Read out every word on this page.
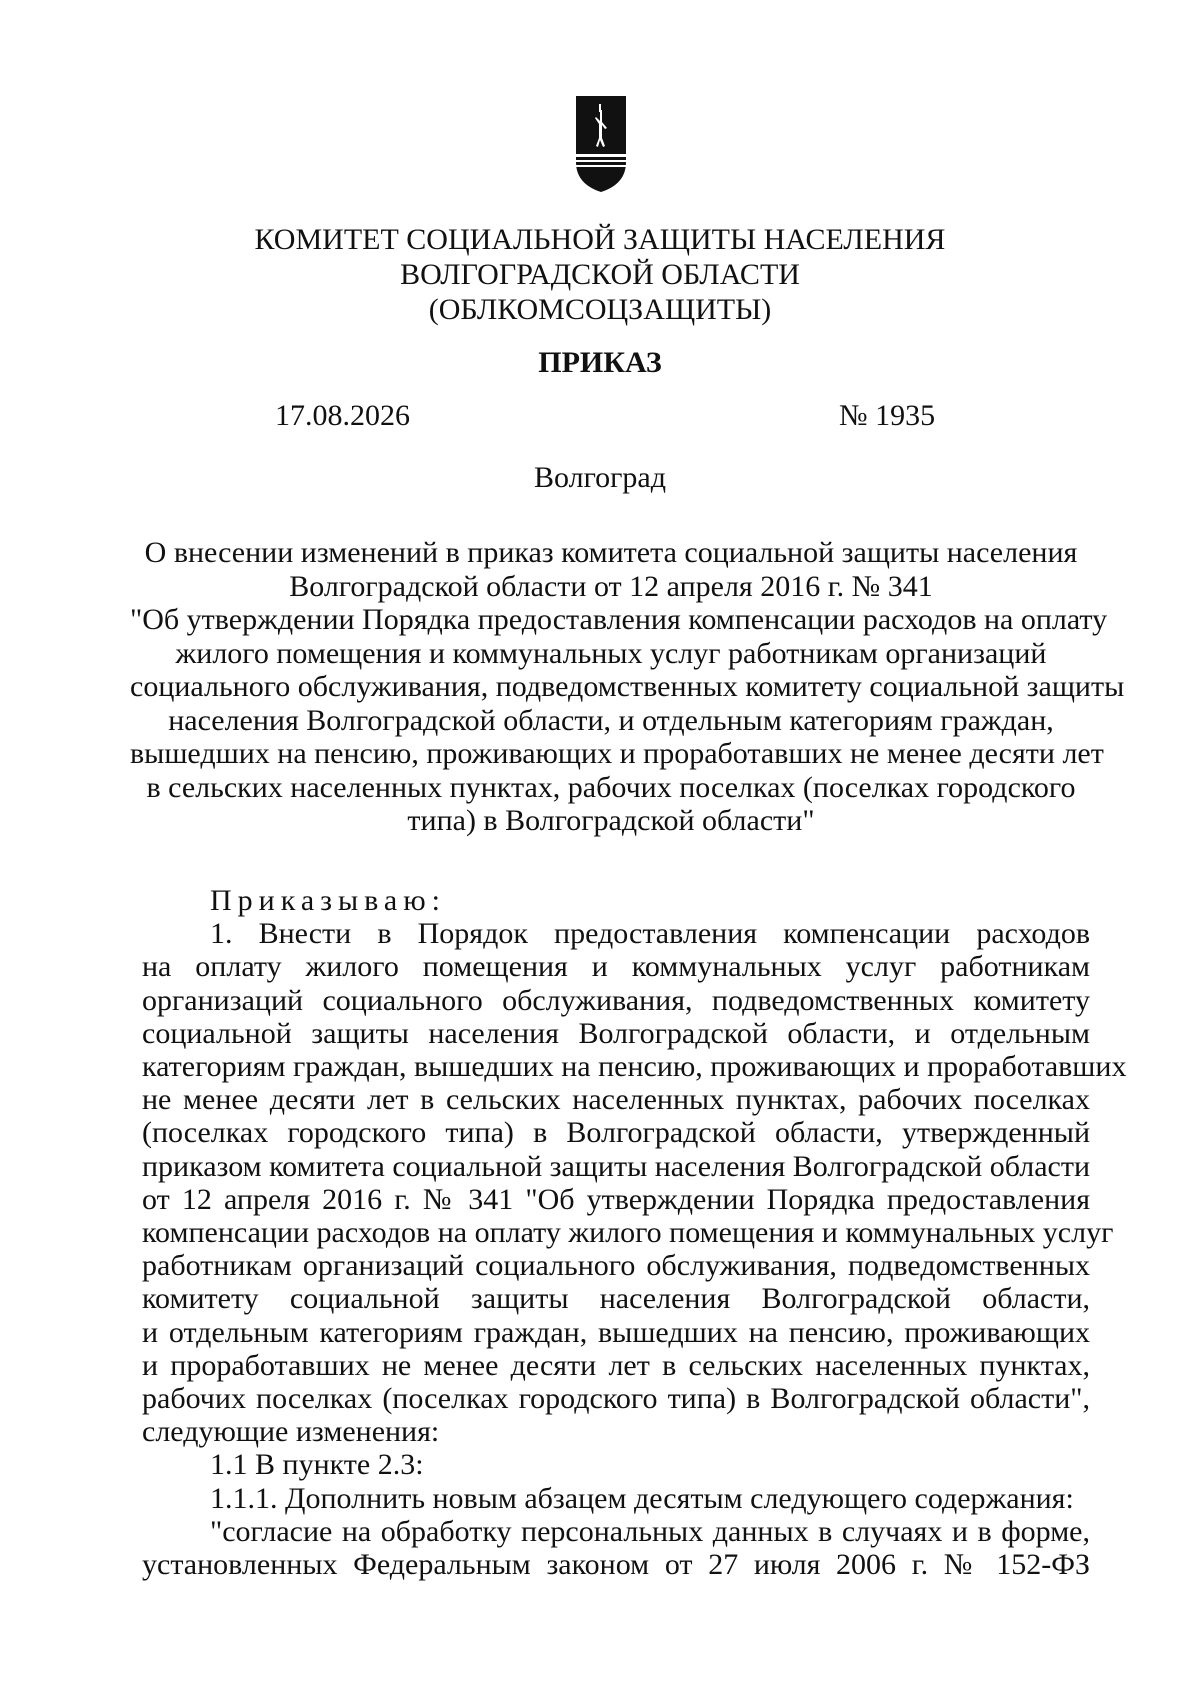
КОМИТЕТ СОЦИАЛЬНОЙ ЗАЩИТЫ НАСЕЛЕНИЯ
ВОЛГОГРАДСКОЙ ОБЛАСТИ
(ОБЛКОМСОЦЗАЩИТЫ)
ПРИКАЗ
17.08.2026	№ 1935
Волгоград
О внесении изменений в приказ комитета социальной защиты населения
Волгоградской области от 12 апреля 2016 г. № 341
"Об утверждении Порядка предоставления компенсации расходов на оплату
жилого помещения и коммунальных услуг работникам организаций
социального обслуживания, подведомственных комитету социальной защиты
населения Волгоградской области, и отдельным категориям граждан,
вышедших на пенсию, проживающих и проработавших не менее десяти лет
в сельских населенных пунктах, рабочих поселках (поселках городского
типа) в Волгоградской области"
Приказываю:
1. Внести в Порядок предоставления компенсации расходов
на оплату жилого помещения и коммунальных услуг работникам
организаций социального обслуживания, подведомственных комитету
социальной защиты населения Волгоградской области, и отдельным
категориям граждан, вышедших на пенсию, проживающих и проработавших
не менее десяти лет в сельских населенных пунктах, рабочих поселках
(поселках городского типа) в Волгоградской области, утвержденный
приказом комитета социальной защиты населения Волгоградской области
от 12 апреля 2016 г. № 341 "Об утверждении Порядка предоставления
компенсации расходов на оплату жилого помещения и коммунальных услуг
работникам организаций социального обслуживания, подведомственных
комитету социальной защиты населения Волгоградской области,
и отдельным категориям граждан, вышедших на пенсию, проживающих
и проработавших не менее десяти лет в сельских населенных пунктах,
рабочих поселках (поселках городского типа) в Волгоградской области",
следующие изменения:
1.1 В пункте 2.3:
1.1.1. Дополнить новым абзацем десятым следующего содержания:
"согласие на обработку персональных данных в случаях и в форме,
установленных Федеральным законом от 27 июля 2006 г. № 152-ФЗ
